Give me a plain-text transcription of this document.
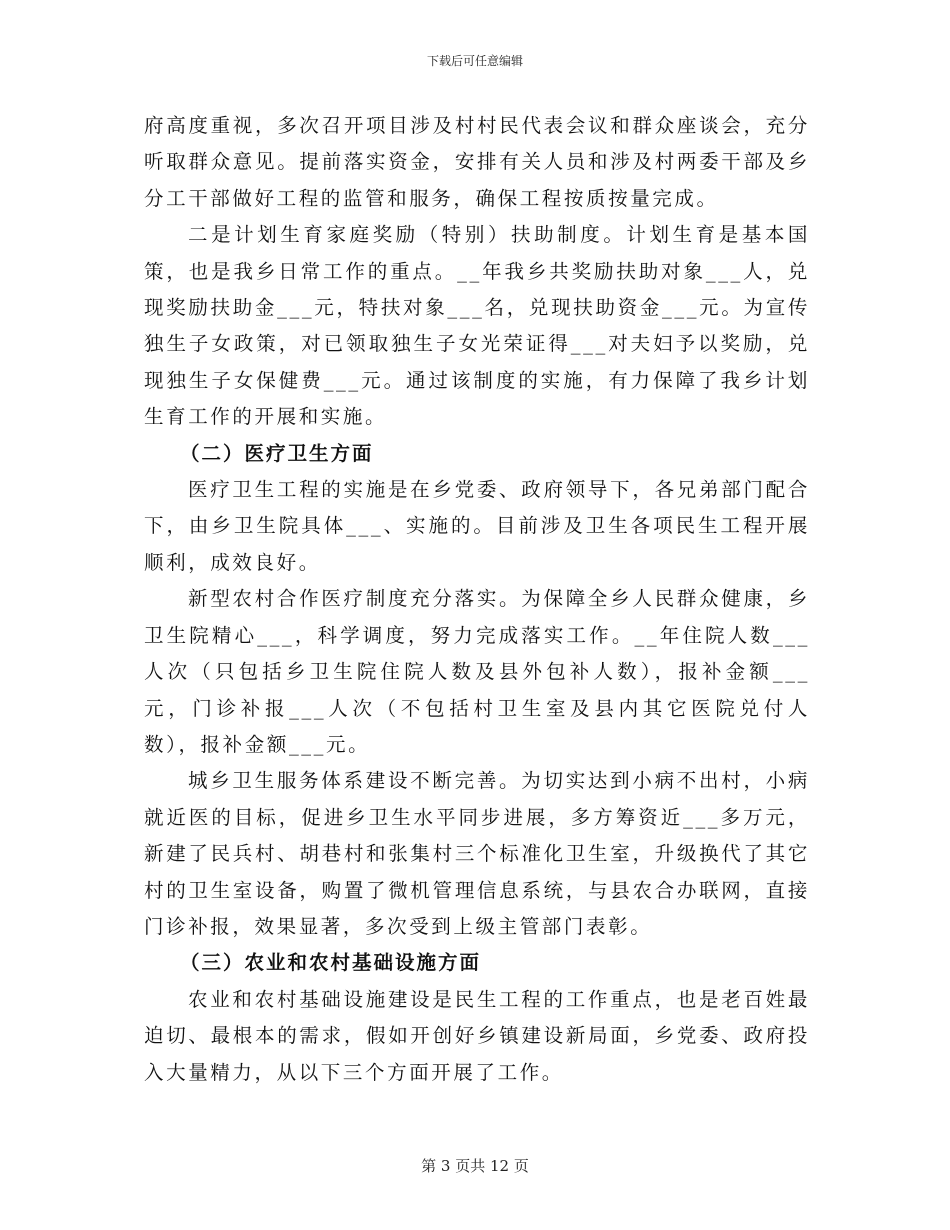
下载后可任意编辑

府高度重视，多次召开项目涉及村村民代表会议和群众座谈会，充分听取群众意见。提前落实资金，安排有关人员和涉及村两委干部及乡分工干部做好工程的监管和服务，确保工程按质按量完成。

二是计划生育家庭奖励（特别）扶助制度。计划生育是基本国策，也是我乡日常工作的重点。__年我乡共奖励扶助对象___人，兑现奖励扶助金___元，特扶对象___名，兑现扶助资金___元。为宣传独生子女政策，对已领取独生子女光荣证得___对夫妇予以奖励，兑现独生子女保健费___元。通过该制度的实施，有力保障了我乡计划生育工作的开展和实施。

（二）医疗卫生方面

医疗卫生工程的实施是在乡党委、政府领导下，各兄弟部门配合下，由乡卫生院具体___、实施的。目前涉及卫生各项民生工程开展顺利，成效良好。

新型农村合作医疗制度充分落实。为保障全乡人民群众健康，乡卫生院精心___，科学调度，努力完成落实工作。__年住院人数___人次（只包括乡卫生院住院人数及县外包补人数），报补金额___元，门诊补报___人次（不包括村卫生室及县内其它医院兑付人数），报补金额___元。

城乡卫生服务体系建设不断完善。为切实达到小病不出村，小病就近医的目标，促进乡卫生水平同步进展，多方筹资近___多万元，新建了民兵村、胡巷村和张集村三个标准化卫生室，升级换代了其它村的卫生室设备，购置了微机管理信息系统，与县农合办联网，直接门诊补报，效果显著，多次受到上级主管部门表彰。

（三）农业和农村基础设施方面

农业和农村基础设施建设是民生工程的工作重点，也是老百姓最迫切、最根本的需求，假如开创好乡镇建设新局面，乡党委、政府投入大量精力，从以下三个方面开展了工作。

第 3 页共 12 页
